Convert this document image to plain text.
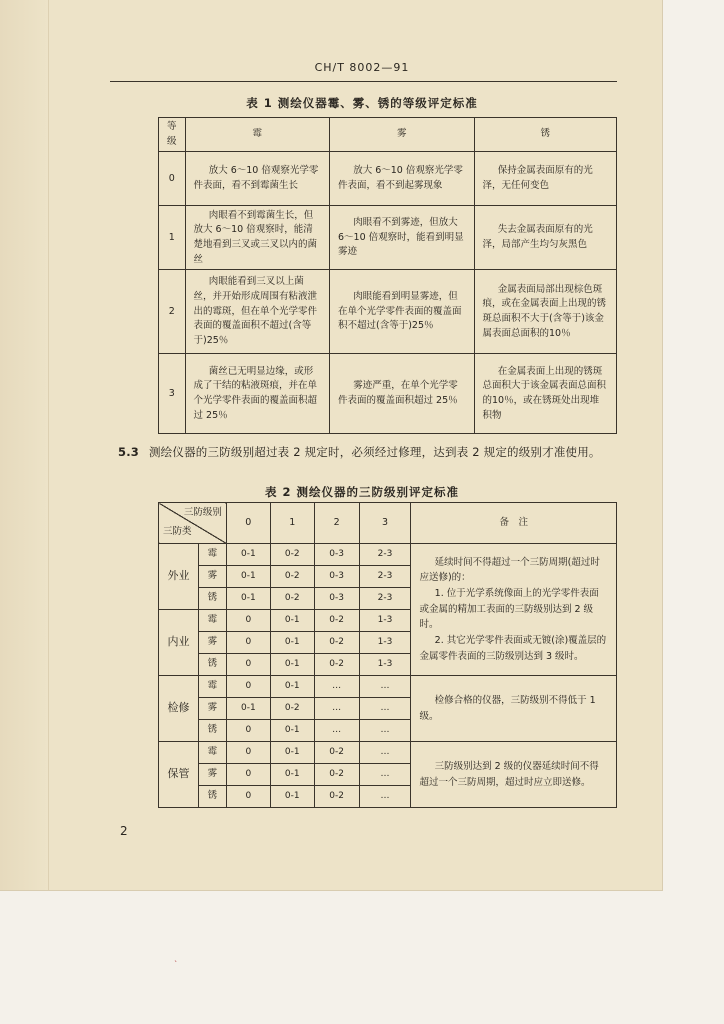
CH/T 8002—91
表 1 测绘仪器霉、雾、锈的等级评定标准
等级	霉	雾	锈
0	放大 6～10 倍观察光学零件表面，看不到霉菌生长	放大 6～10 倍观察光学零件表面，看不到起雾现象	保持金属表面原有的光泽，无任何变色
1	肉眼看不到霉菌生长，但放大 6～10 倍观察时，能清楚地看到三叉或三叉以内的菌丝	肉眼看不到雾迹，但放大 6～10 倍观察时，能看到明显雾迹	失去金属表面原有的光泽，局部产生均匀灰黑色
2	肉眼能看到三叉以上菌丝，并开始形成周围有粘液泄出的霉斑，但在单个光学零件表面的覆盖面积不超过(含等于)25％	肉眼能看到明显雾迹，但在单个光学零件表面的覆盖面积不超过(含等于)25％	金属表面局部出现棕色斑痕，或在金属表面上出现的锈斑总面积不大于(含等于)该金属表面总面积的10％
3	菌丝已无明显边缘，或形成了干结的粘液斑痕，并在单个光学零件表面的覆盖面积超过 25％	雾迹严重，在单个光学零件表面的覆盖面积超过 25％	在金属表面上出现的锈斑总面积大于该金属表面总面积的10％，或在锈斑处出现堆积物
5.3 测绘仪器的三防级别超过表 2 规定时，必须经过修理，达到表 2 规定的级别才准使用。
表 2 测绘仪器的三防级别评定标准
三防级别
三防类		0	1	2	3	备　注
外业	霉	0-1	0-2	0-3	2-3	延续时间不得超过一个三防周期(超过时应送修)的：
1. 位于光学系统像面上的光学零件表面或金属的精加工表面的三防级别达到 2 级时。
2. 其它光学零件表面或无镀(涂)覆盖层的金属零件表面的三防级别达到 3 级时。

	雾	0-1	0-2	0-3	2-3	
	锈	0-1	0-2	0-3	2-3	
内业	霉	0	0-1	0-2	1-3	
	雾	0	0-1	0-2	1-3	
	锈	0	0-1	0-2	1-3	
检修	霉	0	0-1	…	…	检修合格的仪器，三防级别不得低于 1 级。
	雾	0-1	0-2	…	…	
	锈	0	0-1	…	…	
保管	霉	0	0-1	0-2	…	三防级别达到 2 级的仪器延续时间不得超过一个三防周期，超过时应立即送修。
	雾	0	0-1	0-2	…	
	锈	0	0-1	0-2	…	
2
`
